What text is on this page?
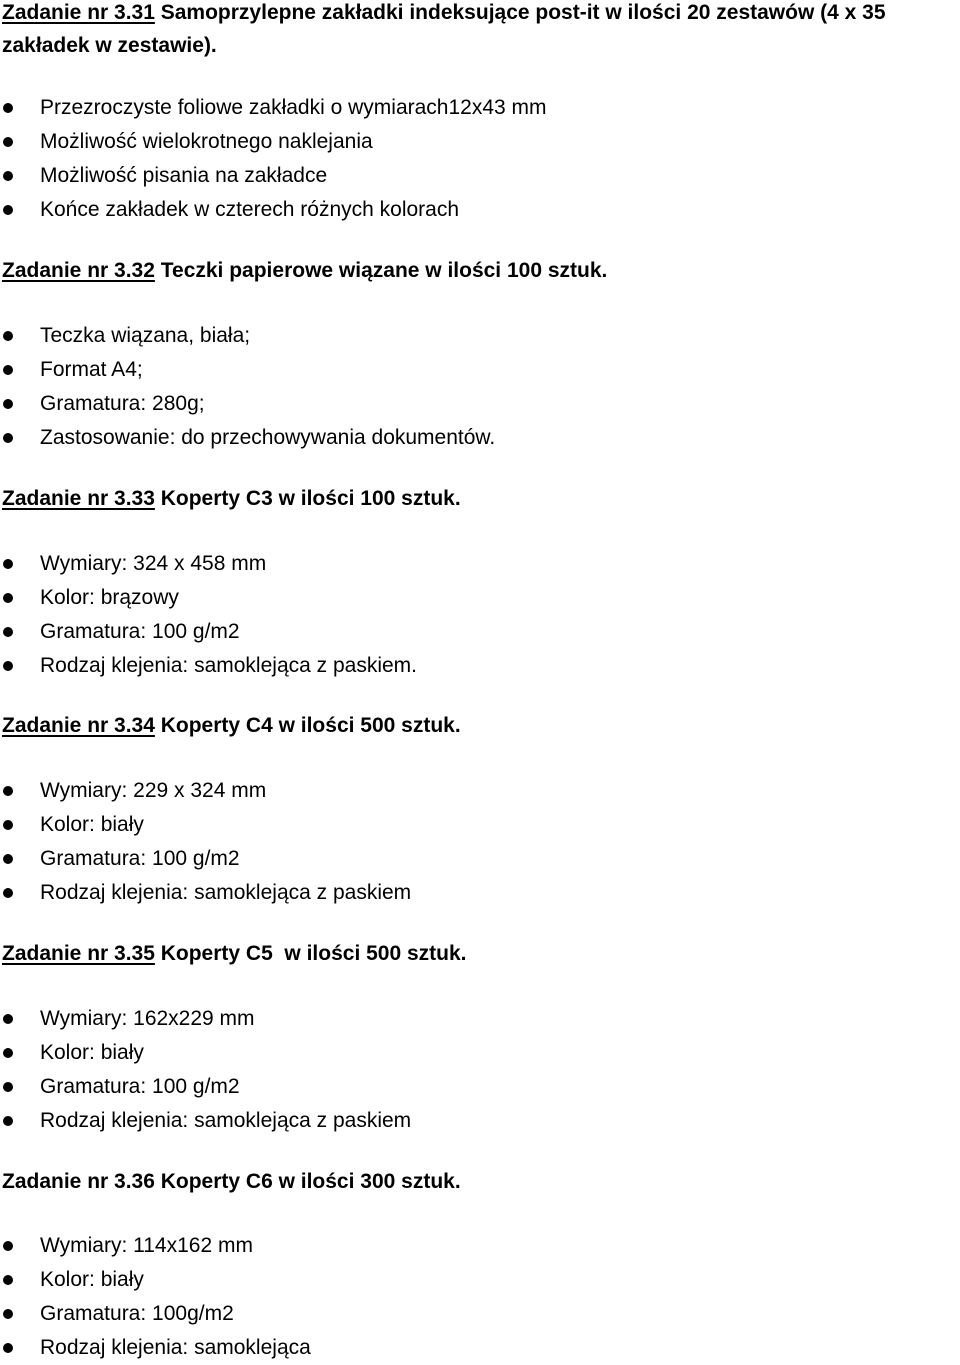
Zadanie nr 3.31 Samoprzylepne zakładki indeksujące post-it w ilości 20 zestawów (4 x 35 zakładek w zestawie).
Przezroczyste foliowe zakładki o wymiarach12x43 mm
Możliwość wielokrotnego naklejania
Możliwość pisania na zakładce
Końce zakładek w czterech różnych kolorach
Zadanie nr 3.32 Teczki papierowe wiązane w ilości 100 sztuk.
Teczka wiązana, biała;
Format A4;
Gramatura: 280g;
Zastosowanie: do przechowywania dokumentów.
Zadanie nr 3.33 Koperty C3 w ilości 100 sztuk.
Wymiary: 324 x 458 mm
Kolor: brązowy
Gramatura: 100 g/m2
Rodzaj klejenia: samoklejąca z paskiem.
Zadanie nr 3.34 Koperty C4 w ilości 500 sztuk.
Wymiary: 229 x 324 mm
Kolor: biały
Gramatura: 100 g/m2
Rodzaj klejenia: samoklejąca z paskiem
Zadanie nr 3.35 Koperty C5  w ilości 500 sztuk.
Wymiary: 162x229 mm
Kolor: biały
Gramatura: 100 g/m2
Rodzaj klejenia: samoklejąca z paskiem
Zadanie nr 3.36 Koperty C6 w ilości 300 sztuk.
Wymiary: 114x162 mm
Kolor: biały
Gramatura: 100g/m2
Rodzaj klejenia: samoklejąca
